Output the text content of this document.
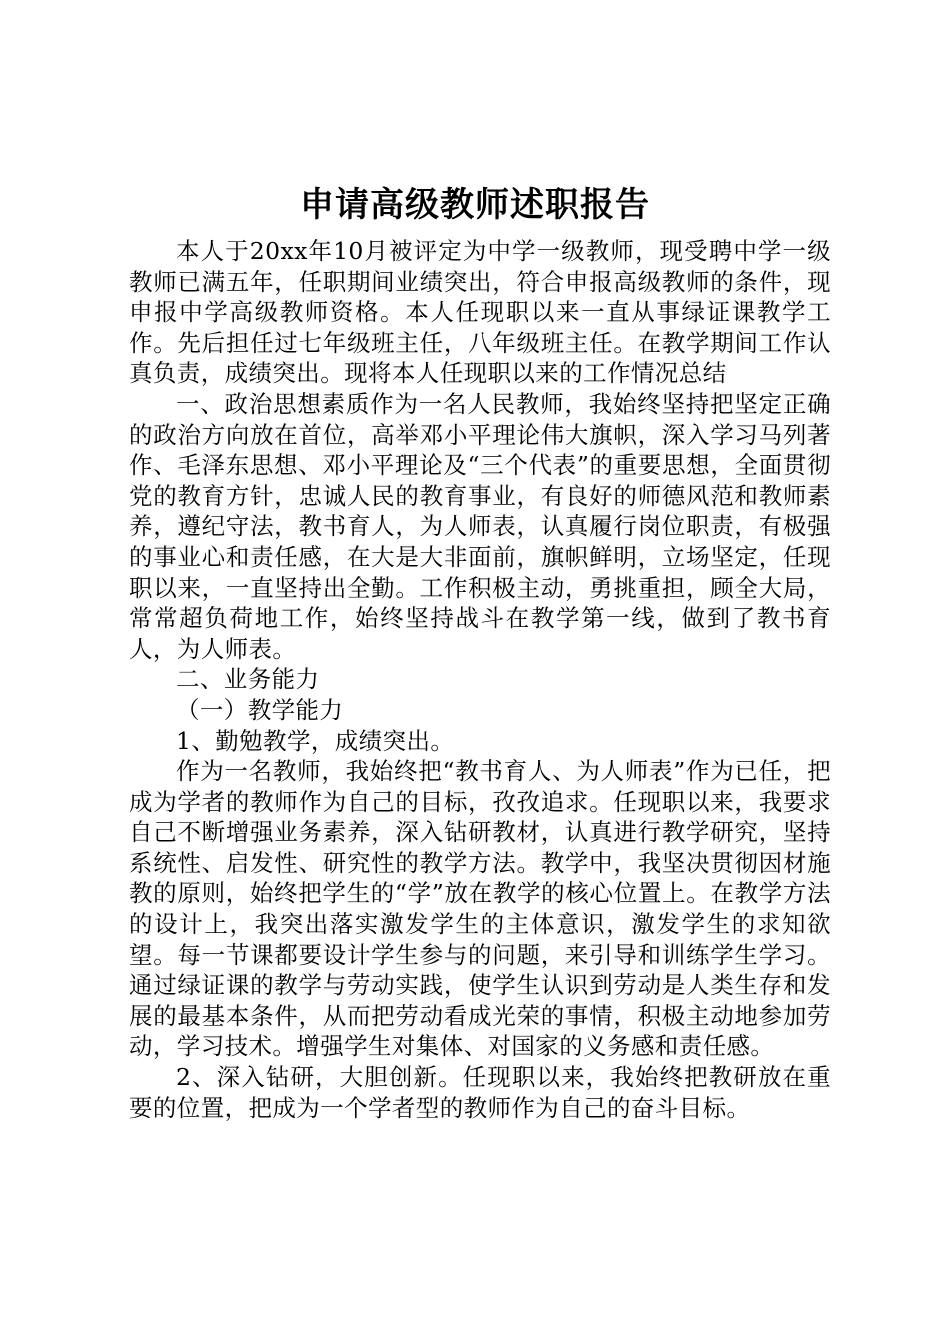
申请高级教师述职报告

本人于20xx年10月被评定为中学一级教师，现受聘中学一级教师已满五年，任职期间业绩突出，符合申报高级教师的条件，现申报中学高级教师资格。本人任现职以来一直从事绿证课教学工作。先后担任过七年级班主任，八年级班主任。在教学期间工作认真负责，成绩突出。现将本人任现职以来的工作情况总结

一、政治思想素质作为一名人民教师，我始终坚持把坚定正确的政治方向放在首位，高举邓小平理论伟大旗帜，深入学习马列著作、毛泽东思想、邓小平理论及“三个代表”的重要思想，全面贯彻党的教育方针，忠诚人民的教育事业，有良好的师德风范和教师素养，遵纪守法，教书育人，为人师表，认真履行岗位职责，有极强的事业心和责任感，在大是大非面前，旗帜鲜明，立场坚定，任现职以来，一直坚持出全勤。工作积极主动，勇挑重担，顾全大局，常常超负荷地工作，始终坚持战斗在教学第一线，做到了教书育人，为人师表。

二、业务能力

（一）教学能力

1、勤勉教学，成绩突出。

作为一名教师，我始终把“教书育人、为人师表”作为已任，把成为学者的教师作为自己的目标，孜孜追求。任现职以来，我要求自己不断增强业务素养，深入钻研教材，认真进行教学研究，坚持系统性、启发性、研究性的教学方法。教学中，我坚决贯彻因材施教的原则，始终把学生的“学”放在教学的核心位置上。在教学方法的设计上，我突出落实激发学生的主体意识，激发学生的求知欲望。每一节课都要设计学生参与的问题，来引导和训练学生学习。通过绿证课的教学与劳动实践，使学生认识到劳动是人类生存和发展的最基本条件，从而把劳动看成光荣的事情，积极主动地参加劳动，学习技术。增强学生对集体、对国家的义务感和责任感。

2、深入钻研，大胆创新。任现职以来，我始终把教研放在重要的位置，把成为一个学者型的教师作为自己的奋斗目标。
